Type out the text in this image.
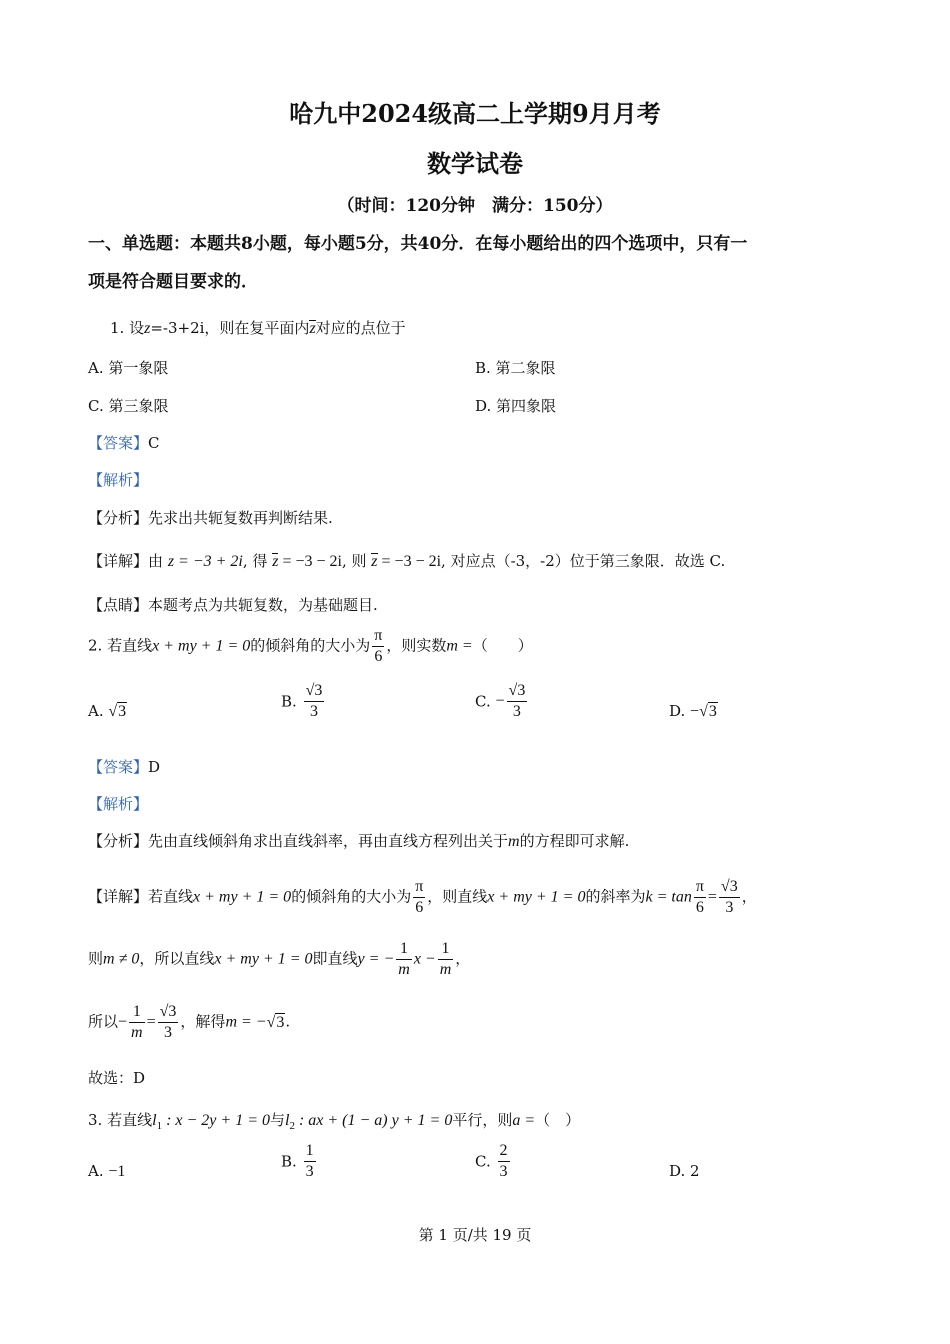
哈九中2024级高二上学期9月月考
数学试卷
（时间：120分钟　满分：150分）
一、单选题：本题共8小题，每小题5分，共40分．在每小题给出的四个选项中，只有一
项是符合题目要求的．
1. 设z=-3+2i，则在复平面内z对应的点位于
A. 第一象限	B. 第二象限
C. 第三象限	D. 第四象限
【答案】C
【解析】
【分析】先求出共轭复数再判断结果.
【详解】由 z = −3 + 2i, 得 z = −3 − 2i, 则 z = −3 − 2i, 对应点（-3，-2）位于第三象限．故选 C.
【点睛】本题考点为共轭复数，为基础题目.
2. 若直线x + my + 1 = 0的倾斜角的大小为 $\frac{\pi}{6}$ ，则实数m =（　　）
A. √3
B. $\frac{√3}{3}$	C. − $\frac{√3}{3}$	D. −√3
【答案】D
【解析】
【分析】先由直线倾斜角求出直线斜率，再由直线方程列出关于m的方程即可求解.
【详解】若直线x + my + 1 = 0的倾斜角的大小为 $\frac{\pi}{6}$ ，则直线x + my + 1 = 0的斜率为$k = \tan \frac{\pi}{6} = \frac{√3}{3}$ ，
则m ≠ 0，所以直线x + my + 1 = 0即直线y = − $\frac{1}{m}$ $x - \frac{1}{m}$ ，
所以− $\frac{1}{m} = \frac{√3}{3}$ ，解得m = −√3.
故选：D
3. 若直线$l_1$ : x − 2y + 1 = 0与$l_2$ : ax + (1 − a) y + 1 = 0平行，则a =（　）
A. −1
B. $\frac{1}{3}$	C. $\frac{2}{3}$	D. 2
第 1 页/共 19 页
